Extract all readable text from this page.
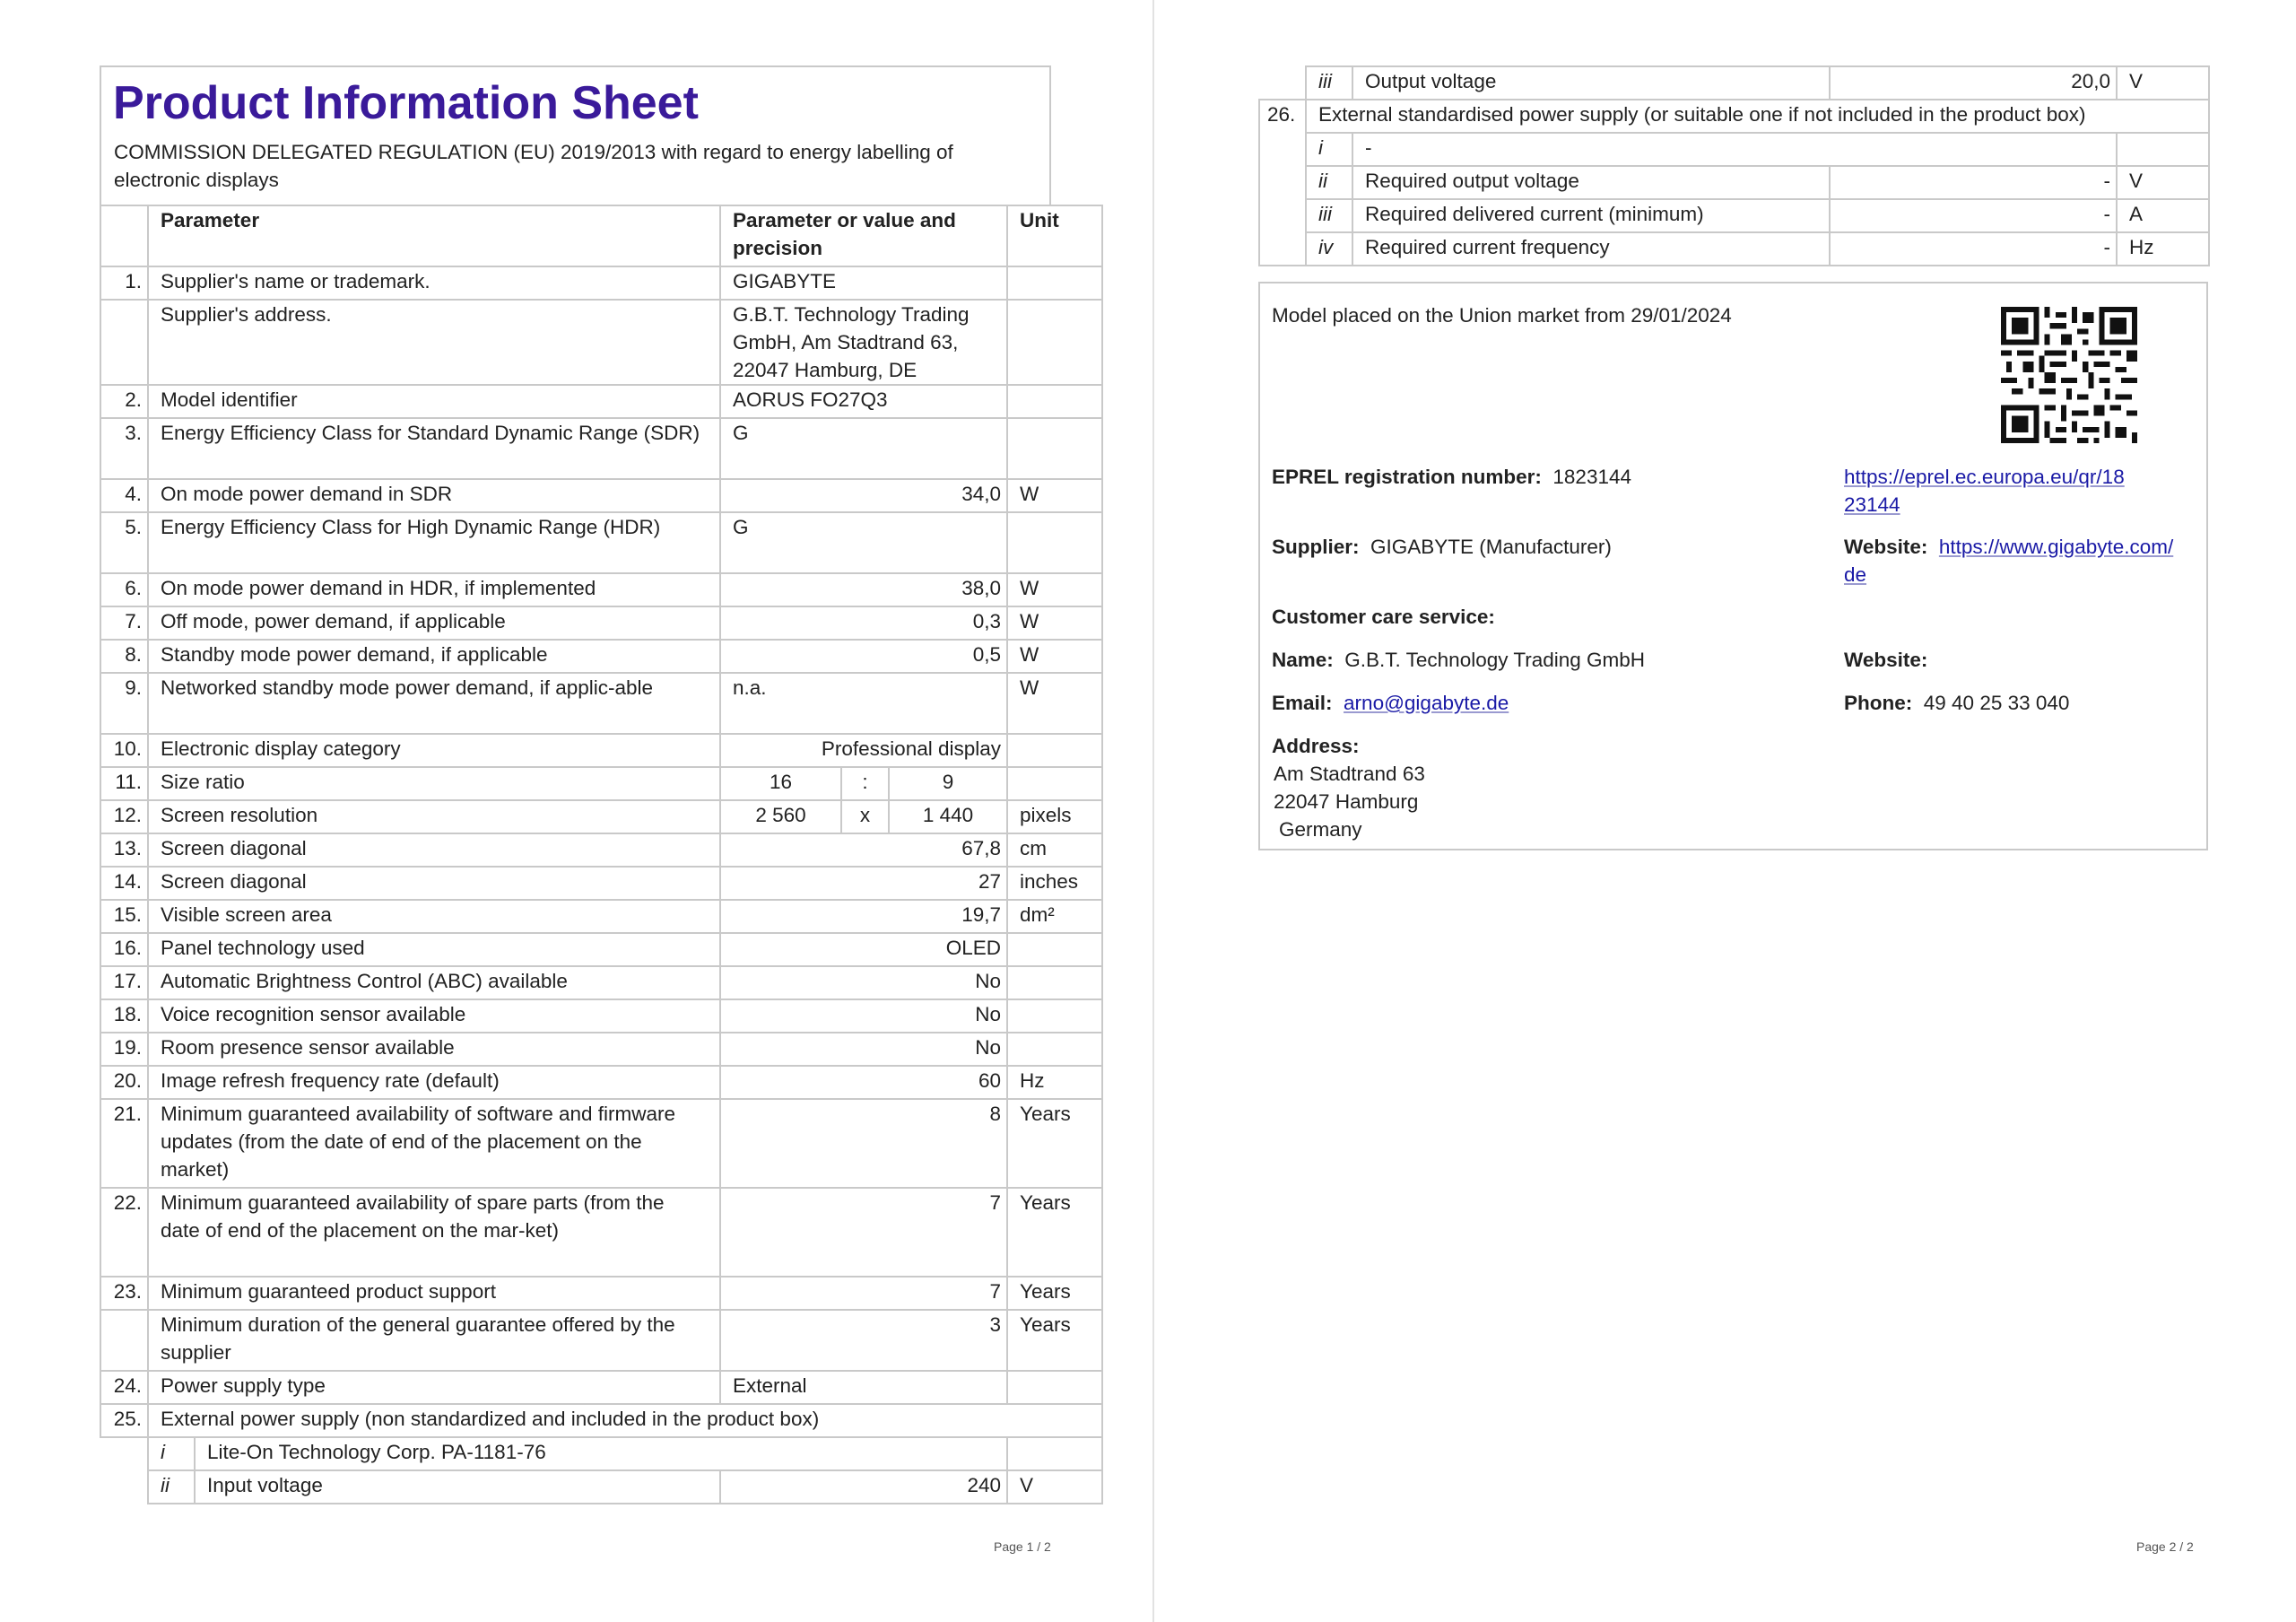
Product Information Sheet
COMMISSION DELEGATED REGULATION (EU) 2019/2013 with regard to energy labelling of electronic displays
	Parameter		Parameter or value and precision			Unit
1.	Supplier's name or trademark.		GIGABYTE			
	Supplier's address.		G.B.T. Technology Trading GmbH, Am Stadtrand 63, 22047 Hamburg, DE			
2.	Model identifier		AORUS FO27Q3			
3.	Energy Efficiency Class for Standard Dynamic Range (SDR)		G			
4.	On mode power demand in SDR		34,0			W
5.	Energy Efficiency Class for High Dynamic Range (HDR)		G			
6.	On mode power demand in HDR, if implemented		38,0			W
7.	Off mode, power demand, if applicable		0,3			W
8.	Standby mode power demand, if applicable		0,5			W
9.	Networked standby mode power demand, if applic-able		n.a.			W
10.	Electronic display category		Professional display			
11.	Size ratio		16	:	9	
12.	Screen resolution		2 560	x	1 440	pixels
13.	Screen diagonal		67,8			cm
14.	Screen diagonal		27			inches
15.	Visible screen area		19,7			dm²
16.	Panel technology used		OLED			
17.	Automatic Brightness Control (ABC) available		No			
18.	Voice recognition sensor available		No			
19.	Room presence sensor available		No			
20.	Image refresh frequency rate (default)		60			Hz
21.	Minimum guaranteed availability of software and firmware updates (from the date of end of the placement on the market)		8			Years
22.	Minimum guaranteed availability of spare parts (from the date of end of the placement on the mar-ket)		7			Years
23.	Minimum guaranteed product support		7			Years
	Minimum duration of the general guarantee offered by the supplier		3			Years
24.	Power supply type		External			
25.	External power supply (non standardized and included in the product box)					
	i	Lite-On Technology Corp. PA-1181-76				
	ii	Input voltage	240			V
Page 1 / 2
	iii	Output voltage	20,0	V
26.	External standardised power supply (or suitable one if not included in the product box)			
	i	-		
	ii	Required output voltage	-	V
	iii	Required delivered current (minimum)	-	A
	iv	Required current frequency	-	Hz
Model placed on the Union market from 29/01/2024
EPREL registration number: 1823144	https://eprel.ec.europa.eu/qr/18
23144
Supplier: GIGABYTE (Manufacturer)	Website: https://www.gigabyte.com/
de
Customer care service:
Name: G.B.T. Technology Trading GmbH	Website:
Email: arno@gigabyte.de	Phone: 49 40 25 33 040
Address:
Am Stadtrand 63
22047 Hamburg
Germany
Page 2 / 2
